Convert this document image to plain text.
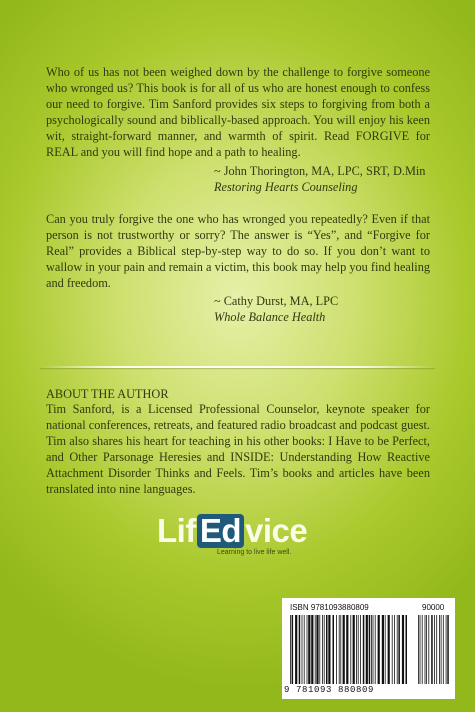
Who of us has not been weighed down by the challenge to forgive someone who wronged us? This book is for all of us who are honest enough to confess our need to forgive. Tim Sanford provides six steps to forgiving from both a psychologically sound and biblically-based approach. You will enjoy his keen wit, straight-forward manner, and warmth of spirit. Read FORGIVE for REAL and you will find hope and a path to healing.

~ John Thorington, MA, LPC, SRT, D.Min
Restoring Hearts Counseling

Can you truly forgive the one who has wronged you repeatedly? Even if that person is not trustworthy or sorry? The answer is “Yes”, and “Forgive for Real” provides a Biblical step-by-step way to do so. If you don’t want to wallow in your pain and remain a victim, this book may help you find healing and freedom.

~ Cathy Durst, MA, LPC
Whole Balance Health
ABOUT THE AUTHOR

Tim Sanford, is a Licensed Professional Counselor, keynote speaker for national conferences, retreats, and featured radio broadcast and podcast guest. Tim also shares his heart for teaching in his other books: I Have to be Perfect, and Other Parsonage Heresies and INSIDE: Understanding How Reactive Attachment Disorder Thinks and Feels. Tim’s books and articles have been translated into nine languages.

Lif Ed vice
Learning to live life well.
ISBN 9781093880809	90000
9 781093 880809
